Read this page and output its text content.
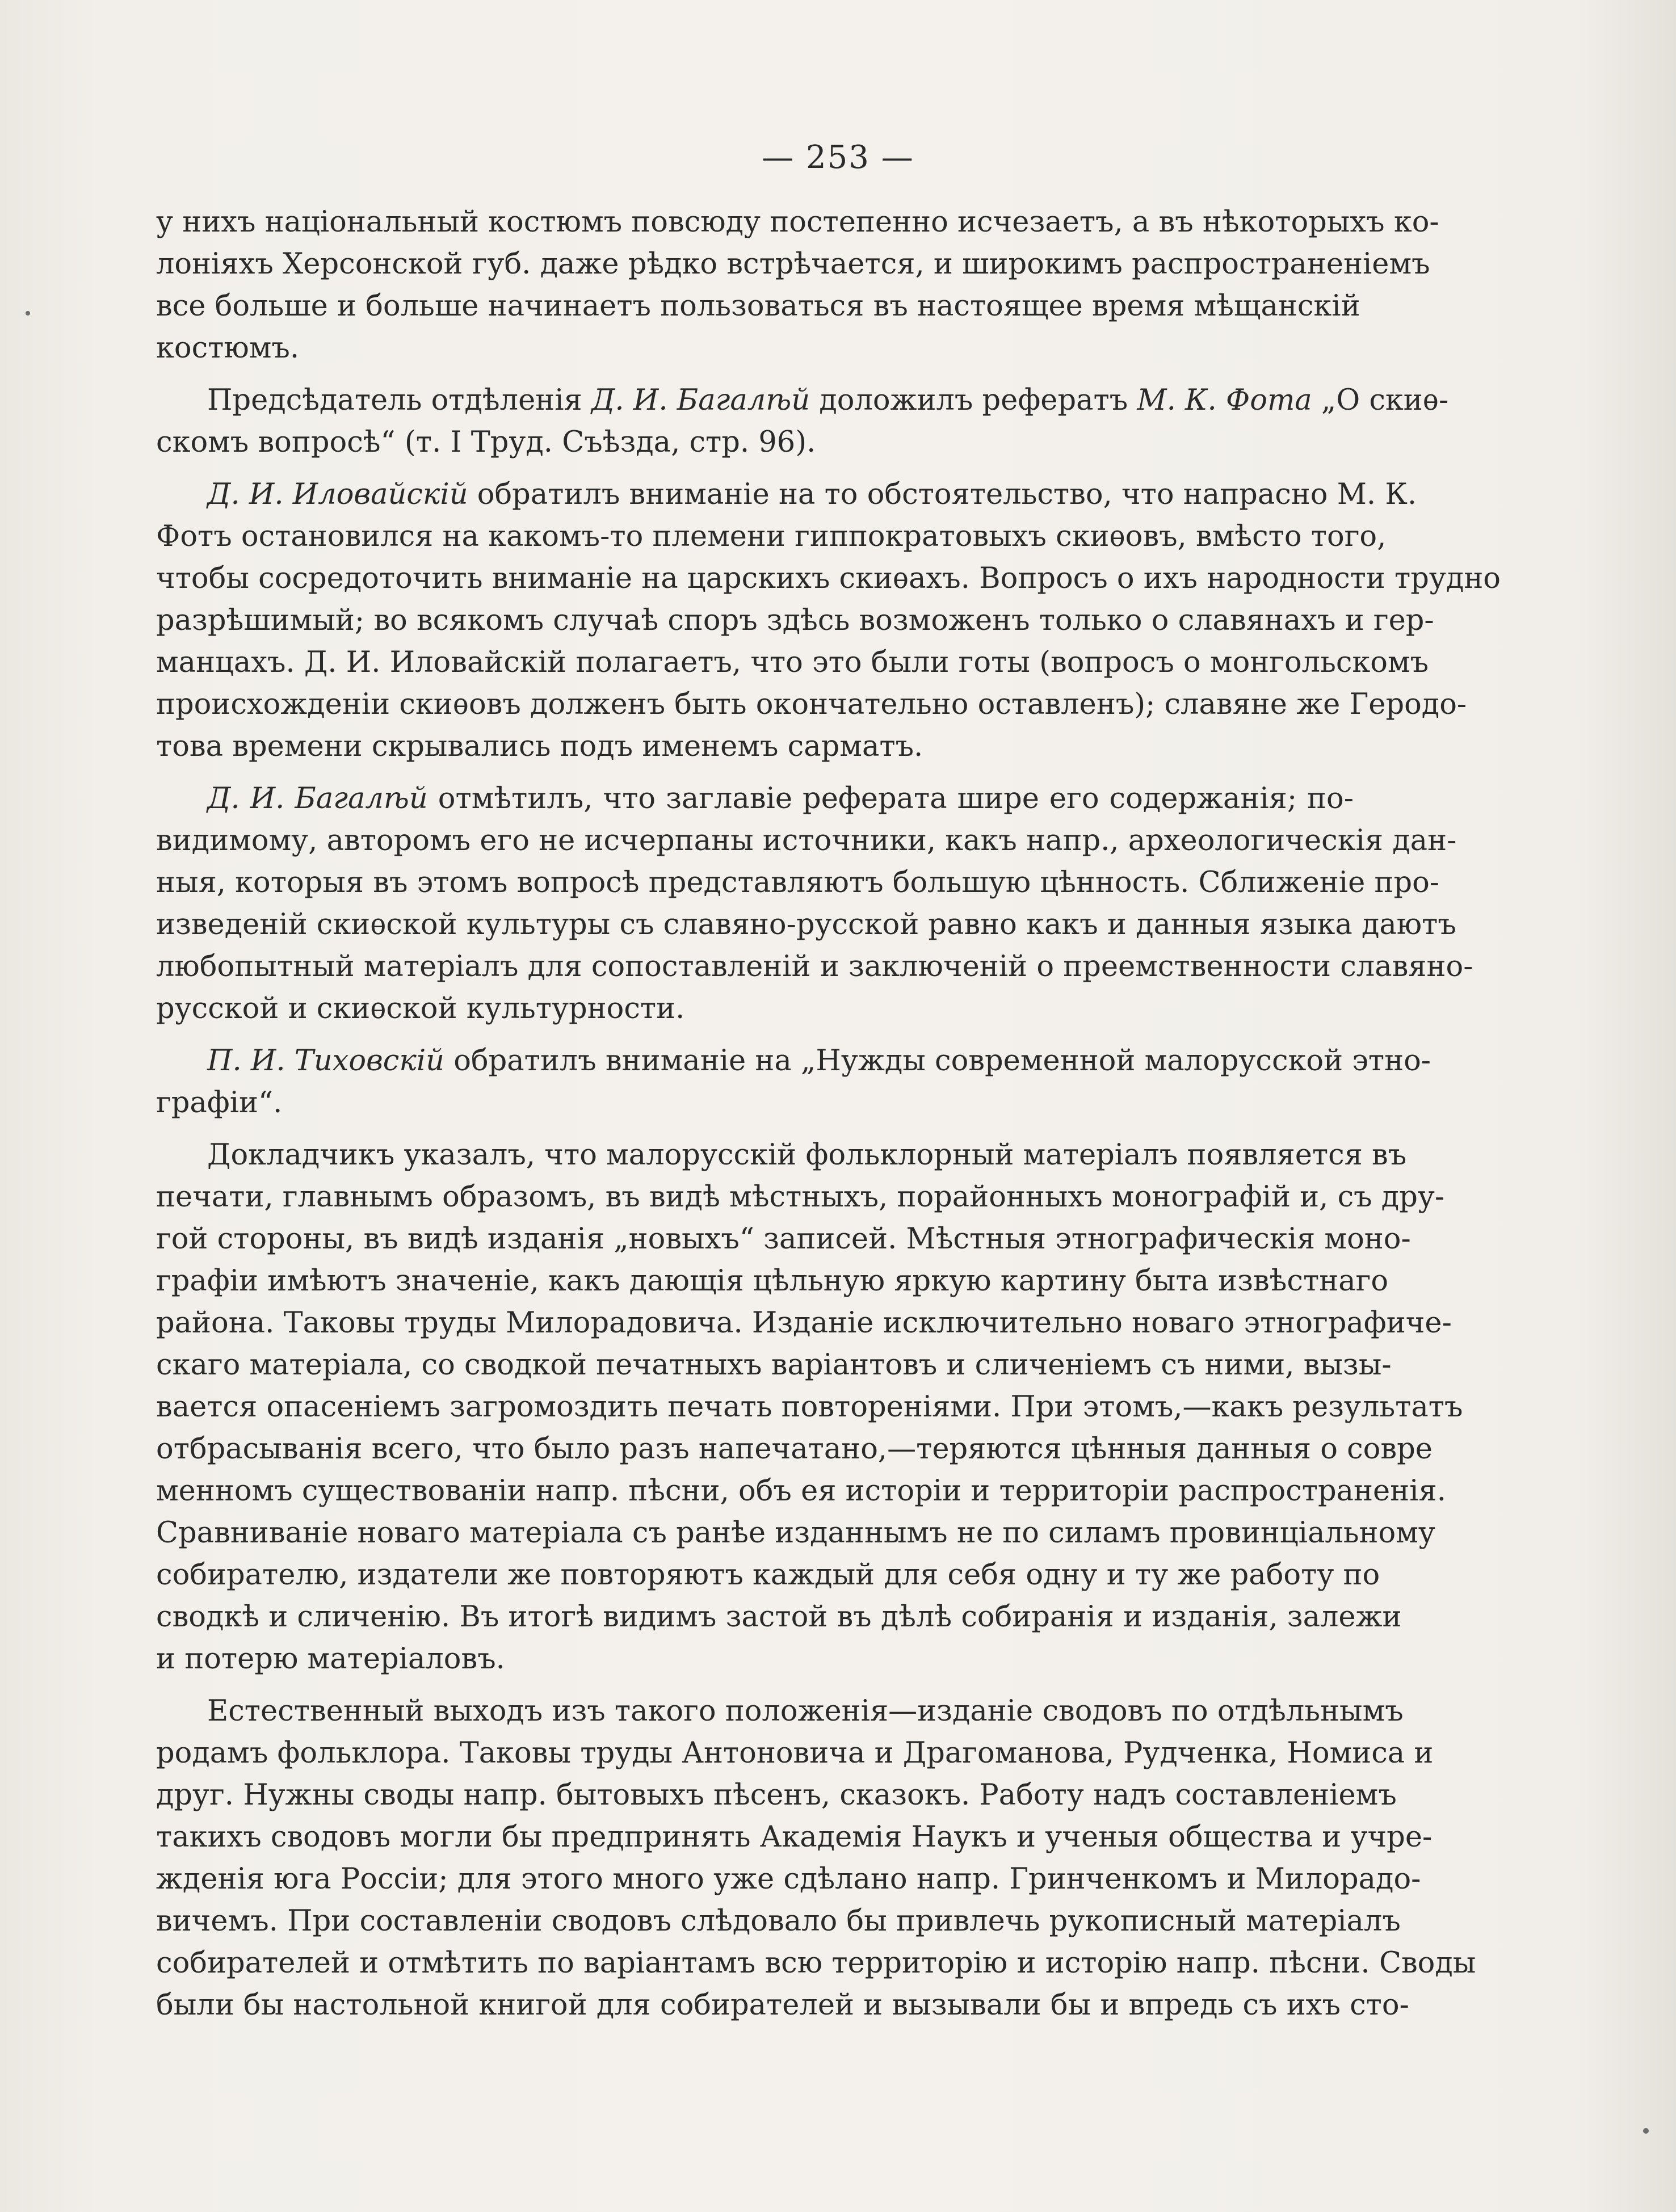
— 253 —
у нихъ національный костюмъ повсюду постепенно исчезаетъ, а въ нѣкоторыхъ ко-
лоніяхъ Херсонской губ. даже рѣдко встрѣчается, и широкимъ распространеніемъ
все больше и больше начинаетъ пользоваться въ настоящее время мѣщанскій
костюмъ.
Предсѣдатель отдѣленія Д. И. Багалѣй доложилъ рефератъ М. К. Фота „О скиѳ-
скомъ вопросѣ“ (т. I Труд. Съѣзда, стр. 96).
Д. И. Иловайскій обратилъ вниманіе на то обстоятельство, что напрасно М. К.
Фотъ остановился на какомъ-то племени гиппократовыхъ скиѳовъ, вмѣсто того,
чтобы сосредоточить вниманіе на царскихъ скиѳахъ. Вопросъ о ихъ народности трудно
разрѣшимый; во всякомъ случаѣ споръ здѣсь возможенъ только о славянахъ и гер-
манцахъ. Д. И. Иловайскій полагаетъ, что это были готы (вопросъ о монгольскомъ
происхожденіи скиѳовъ долженъ быть окончательно оставленъ); славяне же Геродо-
това времени скрывались подъ именемъ сарматъ.
Д. И. Багалѣй отмѣтилъ, что заглавіе реферата шире его содержанія; по-
видимому, авторомъ его не исчерпаны источники, какъ напр., археологическія дан-
ныя, которыя въ этомъ вопросѣ представляютъ большую цѣнность. Сближеніе про-
изведеній скиѳской культуры съ славяно-русской равно какъ и данныя языка даютъ
любопытный матеріалъ для сопоставленій и заключеній о преемственности славяно-
русской и скиѳской культурности.
П. И. Тиховскій обратилъ вниманіе на „Нужды современной малорусской этно-
графіи“.
Докладчикъ указалъ, что малорусскій фольклорный матеріалъ появляется въ
печати, главнымъ образомъ, въ видѣ мѣстныхъ, порайонныхъ монографій и, съ дру-
гой стороны, въ видѣ изданія „новыхъ“ записей. Мѣстныя этнографическія моно-
графіи имѣютъ значеніе, какъ дающія цѣльную яркую картину быта извѣстнаго
района. Таковы труды Милорадовича. Изданіе исключительно новаго этнографиче-
скаго матеріала, со сводкой печатныхъ варіантовъ и сличеніемъ съ ними, вызы-
вается опасеніемъ загромоздить печать повтореніями. При этомъ,—какъ результатъ
отбрасыванія всего, что было разъ напечатано,—теряются цѣнныя данныя о совре
менномъ существованіи напр. пѣсни, объ ея исторіи и территоріи распространенія.
Сравниваніе новаго матеріала съ ранѣе изданнымъ не по силамъ провинціальному
собирателю, издатели же повторяютъ каждый для себя одну и ту же работу по
сводкѣ и сличенію. Въ итогѣ видимъ застой въ дѣлѣ собиранія и изданія, залежи
и потерю матеріаловъ.
Естественный выходъ изъ такого положенія—изданіе сводовъ по отдѣльнымъ
родамъ фольклора. Таковы труды Антоновича и Драгоманова, Рудченка, Номиса и
друг. Нужны своды напр. бытовыхъ пѣсенъ, сказокъ. Работу надъ составленіемъ
такихъ сводовъ могли бы предпринять Академія Наукъ и ученыя общества и учре-
жденія юга Россіи; для этого много уже сдѣлано напр. Гринченкомъ и Милорадо-
вичемъ. При составленіи сводовъ слѣдовало бы привлечь рукописный матеріалъ
собирателей и отмѣтить по варіантамъ всю территорію и исторію напр. пѣсни. Своды
были бы настольной книгой для собирателей и вызывали бы и впредь съ ихъ сто-
